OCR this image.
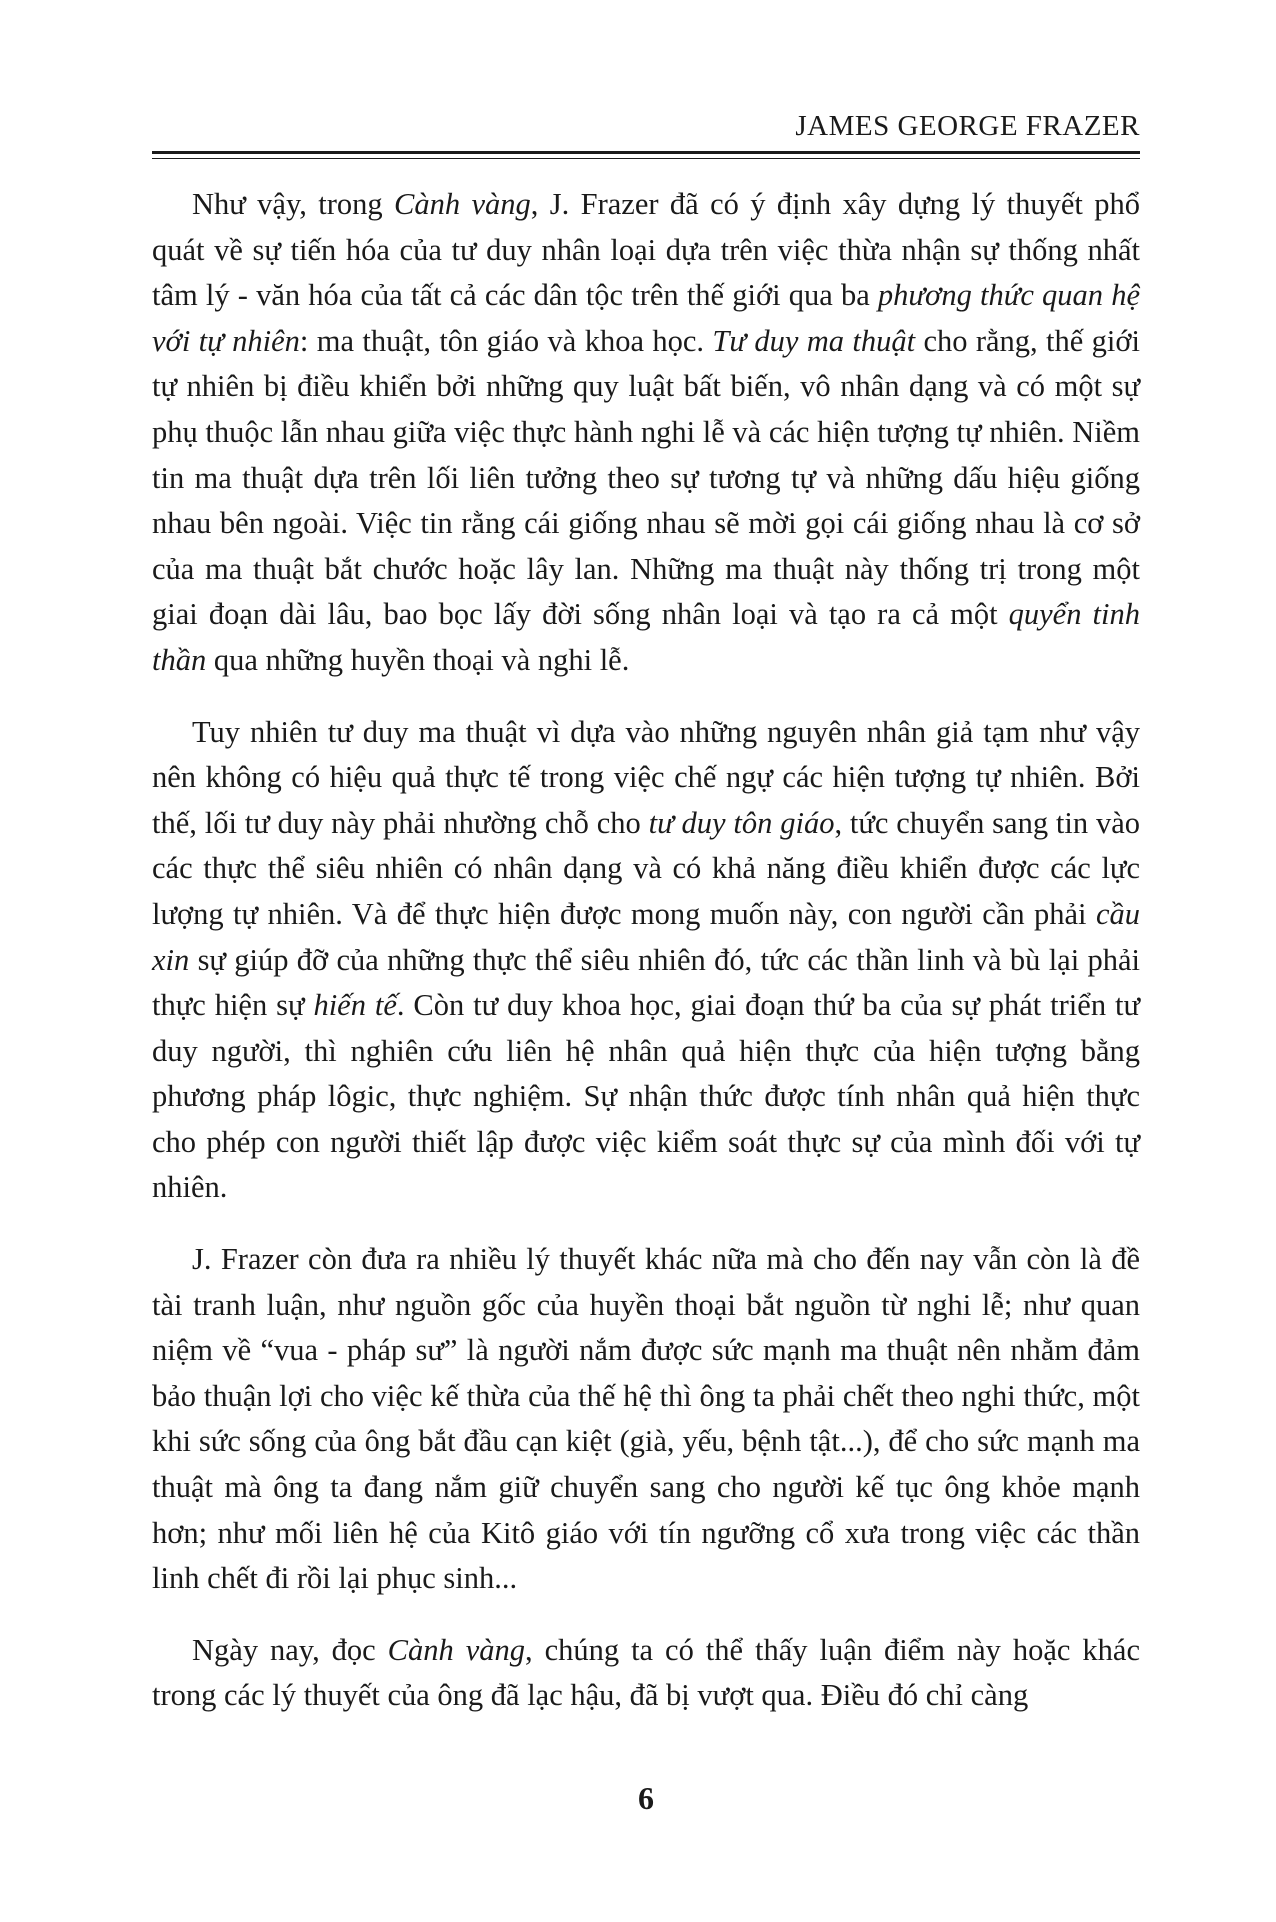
JAMES GEORGE FRAZER

Như vậy, trong Cành vàng, J. Frazer đã có ý định xây dựng lý thuyết phổ quát về sự tiến hóa của tư duy nhân loại dựa trên việc thừa nhận sự thống nhất tâm lý - văn hóa của tất cả các dân tộc trên thế giới qua ba phương thức quan hệ với tự nhiên: ma thuật, tôn giáo và khoa học. Tư duy ma thuật cho rằng, thế giới tự nhiên bị điều khiển bởi những quy luật bất biến, vô nhân dạng và có một sự phụ thuộc lẫn nhau giữa việc thực hành nghi lễ và các hiện tượng tự nhiên. Niềm tin ma thuật dựa trên lối liên tưởng theo sự tương tự và những dấu hiệu giống nhau bên ngoài. Việc tin rằng cái giống nhau sẽ mời gọi cái giống nhau là cơ sở của ma thuật bắt chước hoặc lây lan. Những ma thuật này thống trị trong một giai đoạn dài lâu, bao bọc lấy đời sống nhân loại và tạo ra cả một quyển tinh thần qua những huyền thoại và nghi lễ.

Tuy nhiên tư duy ma thuật vì dựa vào những nguyên nhân giả tạm như vậy nên không có hiệu quả thực tế trong việc chế ngự các hiện tượng tự nhiên. Bởi thế, lối tư duy này phải nhường chỗ cho tư duy tôn giáo, tức chuyển sang tin vào các thực thể siêu nhiên có nhân dạng và có khả năng điều khiển được các lực lượng tự nhiên. Và để thực hiện được mong muốn này, con người cần phải cầu xin sự giúp đỡ của những thực thể siêu nhiên đó, tức các thần linh và bù lại phải thực hiện sự hiến tế. Còn tư duy khoa học, giai đoạn thứ ba của sự phát triển tư duy người, thì nghiên cứu liên hệ nhân quả hiện thực của hiện tượng bằng phương pháp lôgic, thực nghiệm. Sự nhận thức được tính nhân quả hiện thực cho phép con người thiết lập được việc kiểm soát thực sự của mình đối với tự nhiên.

J. Frazer còn đưa ra nhiều lý thuyết khác nữa mà cho đến nay vẫn còn là đề tài tranh luận, như nguồn gốc của huyền thoại bắt nguồn từ nghi lễ; như quan niệm về “vua - pháp sư” là người nắm được sức mạnh ma thuật nên nhằm đảm bảo thuận lợi cho việc kế thừa của thế hệ thì ông ta phải chết theo nghi thức, một khi sức sống của ông bắt đầu cạn kiệt (già, yếu, bệnh tật...), để cho sức mạnh ma thuật mà ông ta đang nắm giữ chuyển sang cho người kế tục ông khỏe mạnh hơn; như mối liên hệ của Kitô giáo với tín ngưỡng cổ xưa trong việc các thần linh chết đi rồi lại phục sinh...

Ngày nay, đọc Cành vàng, chúng ta có thể thấy luận điểm này hoặc khác trong các lý thuyết của ông đã lạc hậu, đã bị vượt qua. Điều đó chỉ càng

6
